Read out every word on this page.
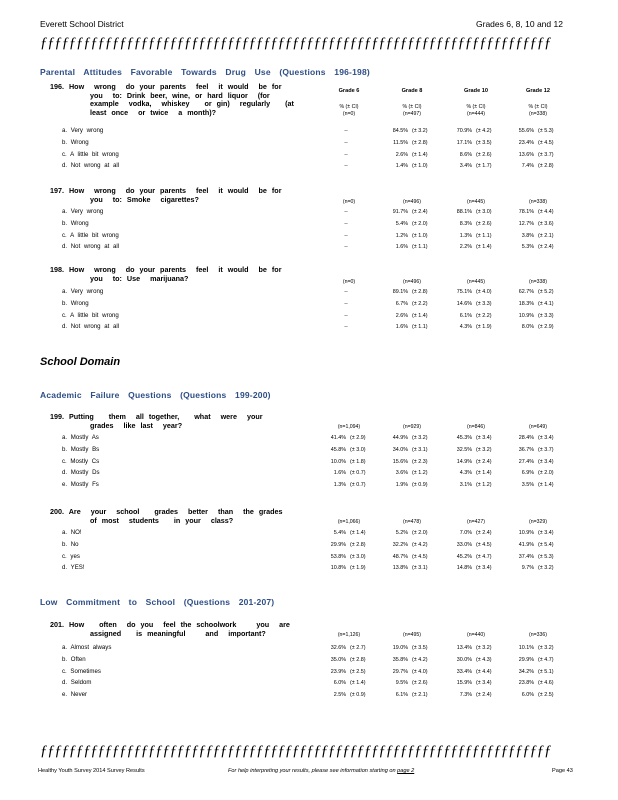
Everett School District	Grades 6, 8, 10 and 12
ƒƒƒƒƒƒƒƒƒƒƒƒƒƒƒƒƒƒƒƒƒƒƒƒƒƒƒƒƒƒƒƒƒƒƒƒƒƒƒƒƒƒƒƒƒƒƒƒƒƒƒƒƒƒƒƒƒƒƒƒƒƒƒƒƒƒƒƒƒƒƒ
Parental Attitudes Favorable Towards Drug Use (Questions 196-198)
School Domain
Academic Failure Questions (Questions 199-200)
Low Commitment to School (Questions 201-207)
Grade 6	Grade 8	Grade 10	Grade 12
% (± CI)	% (± CI)	% (± CI)	% (± CI)
196. How  wrong  do your parents  feel  it would  be for
you  to: Drink beer, wine, or hard liquor  (for
example  vodka,  whiskey   or gin)  regularly   (at
least once  or twice  a month)?	(n=0)	(n=497)	(n=444)	(n=338)
a. Very wrong	--	84.5% (± 3.2)	70.9% (± 4.2)	55.6% (± 5.3)
b. Wrong	--	11.5% (± 2.8)	17.1% (± 3.5)	23.4% (± 4.5)
c. A little bit wrong	--	2.6% (± 1.4)	8.6% (± 2.6)	13.6% (± 3.7)
d. Not wrong at all	--	1.4% (± 1.0)	3.4% (± 1.7)	7.4% (± 2.8)
197. How  wrong  do your parents  feel  it would  be for
you  to: Smoke  cigarettes?	(n=0)	(n=496)	(n=445)	(n=338)
a. Very wrong	--	91.7% (± 2.4)	88.1% (± 3.0)	78.1% (± 4.4)
b. Wrong	--	5.4% (± 2.0)	8.3% (± 2.6)	12.7% (± 3.6)
c. A little bit wrong	--	1.2% (± 1.0)	1.3% (± 1.1)	3.8% (± 2.1)
d. Not wrong at all	--	1.6% (± 1.1)	2.2% (± 1.4)	5.3% (± 2.4)
198. How  wrong  do your parents  feel  it would  be for
you  to: Use  marijuana?	(n=0)	(n=496)	(n=445)	(n=338)
a. Very wrong	--	89.1% (± 2.8)	75.1% (± 4.0)	62.7% (± 5.2)
b. Wrong	--	6.7% (± 2.2)	14.6% (± 3.3)	18.3% (± 4.1)
c. A little bit wrong	--	2.6% (± 1.4)	6.1% (± 2.2)	10.9% (± 3.3)
d. Not wrong at all	--	1.6% (± 1.1)	4.3% (± 1.9)	8.0% (± 2.9)
199. Putting   them  all together,   what  were  your
grades  like last  year?	(n=1,094)	(n=929)	(n=846)	(n=649)
a. Mostly As	41.4% (± 2.9)	44.9% (± 3.2)	45.3% (± 3.4)	28.4% (± 3.4)
b. Mostly Bs	45.8% (± 3.0)	34.0% (± 3.1)	32.5% (± 3.2)	36.7% (± 3.7)
c. Mostly Cs	10.0% (± 1.8)	15.6% (± 2.3)	14.9% (± 2.4)	27.4% (± 3.4)
d. Mostly Ds	1.6% (± 0.7)	3.6% (± 1.2)	4.3% (± 1.4)	6.9% (± 2.0)
e. Mostly Fs	1.3% (± 0.7)	1.9% (± 0.9)	3.1% (± 1.2)	3.5% (± 1.4)
200. Are  your  school   grades  better  than  the grades
of most  students   in your  class?	(n=1,066)	(n=478)	(n=427)	(n=329)
a. NO!	5.4% (± 1.4)	5.2% (± 2.0)	7.0% (± 2.4)	10.9% (± 3.4)
b. No	29.9% (± 2.8)	32.2% (± 4.2)	33.0% (± 4.5)	41.9% (± 5.4)
c. yes	53.8% (± 3.0)	48.7% (± 4.5)	45.2% (± 4.7)	37.4% (± 5.3)
d. YES!	10.8% (± 1.9)	13.8% (± 3.1)	14.8% (± 3.4)	9.7% (± 3.2)
201. How   often  do you  feel the schoolwork    you  are
assigned   is meaningful    and  important?	(n=1,126)	(n=495)	(n=440)	(n=336)
a. Almost always	32.6% (± 2.7)	19.0% (± 3.5)	13.4% (± 3.2)	10.1% (± 3.2)
b. Often	35.0% (± 2.8)	35.8% (± 4.2)	30.0% (± 4.3)	29.9% (± 4.7)
c. Sometimes	23.9% (± 2.5)	29.7% (± 4.0)	33.4% (± 4.4)	34.2% (± 5.1)
d. Seldom	6.0% (± 1.4)	9.5% (± 2.6)	15.9% (± 3.4)	23.8% (± 4.6)
e. Never	2.5% (± 0.9)	6.1% (± 2.1)	7.3% (± 2.4)	6.0% (± 2.5)
ƒƒƒƒƒƒƒƒƒƒƒƒƒƒƒƒƒƒƒƒƒƒƒƒƒƒƒƒƒƒƒƒƒƒƒƒƒƒƒƒƒƒƒƒƒƒƒƒƒƒƒƒƒƒƒƒƒƒƒƒƒƒƒƒƒƒƒƒƒƒƒ
Healthy Youth Survey 2014 Survey Results	For help interpreting your results, please see information starting on page 2	Page 43
